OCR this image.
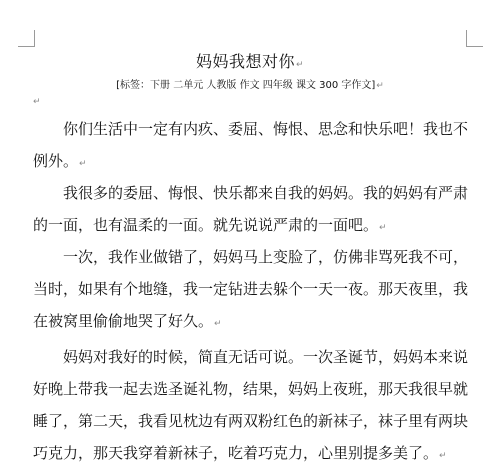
妈妈我想对你↵
[标签：下册 二单元 人教版 作文 四年级 课文 300 字作文]↵
↵

你们生活中一定有内疚、委屈、悔恨、思念和快乐吧！我也不例外。↵

我很多的委屈、悔恨、快乐都来自我的妈妈。我的妈妈有严肃的一面，也有温柔的一面。就先说说严肃的一面吧。↵

一次，我作业做错了，妈妈马上变脸了，仿佛非骂死我不可，当时，如果有个地缝，我一定钻进去躲个一天一夜。那天夜里，我在被窝里偷偷地哭了好久。↵

妈妈对我好的时候，简直无话可说。一次圣诞节，妈妈本来说好晚上带我一起去选圣诞礼物，结果，妈妈上夜班，那天我很早就睡了，第二天，我看见枕边有两双粉红色的新袜子，袜子里有两块巧克力，那天我穿着新袜子，吃着巧克力，心里别提多美了。↵
